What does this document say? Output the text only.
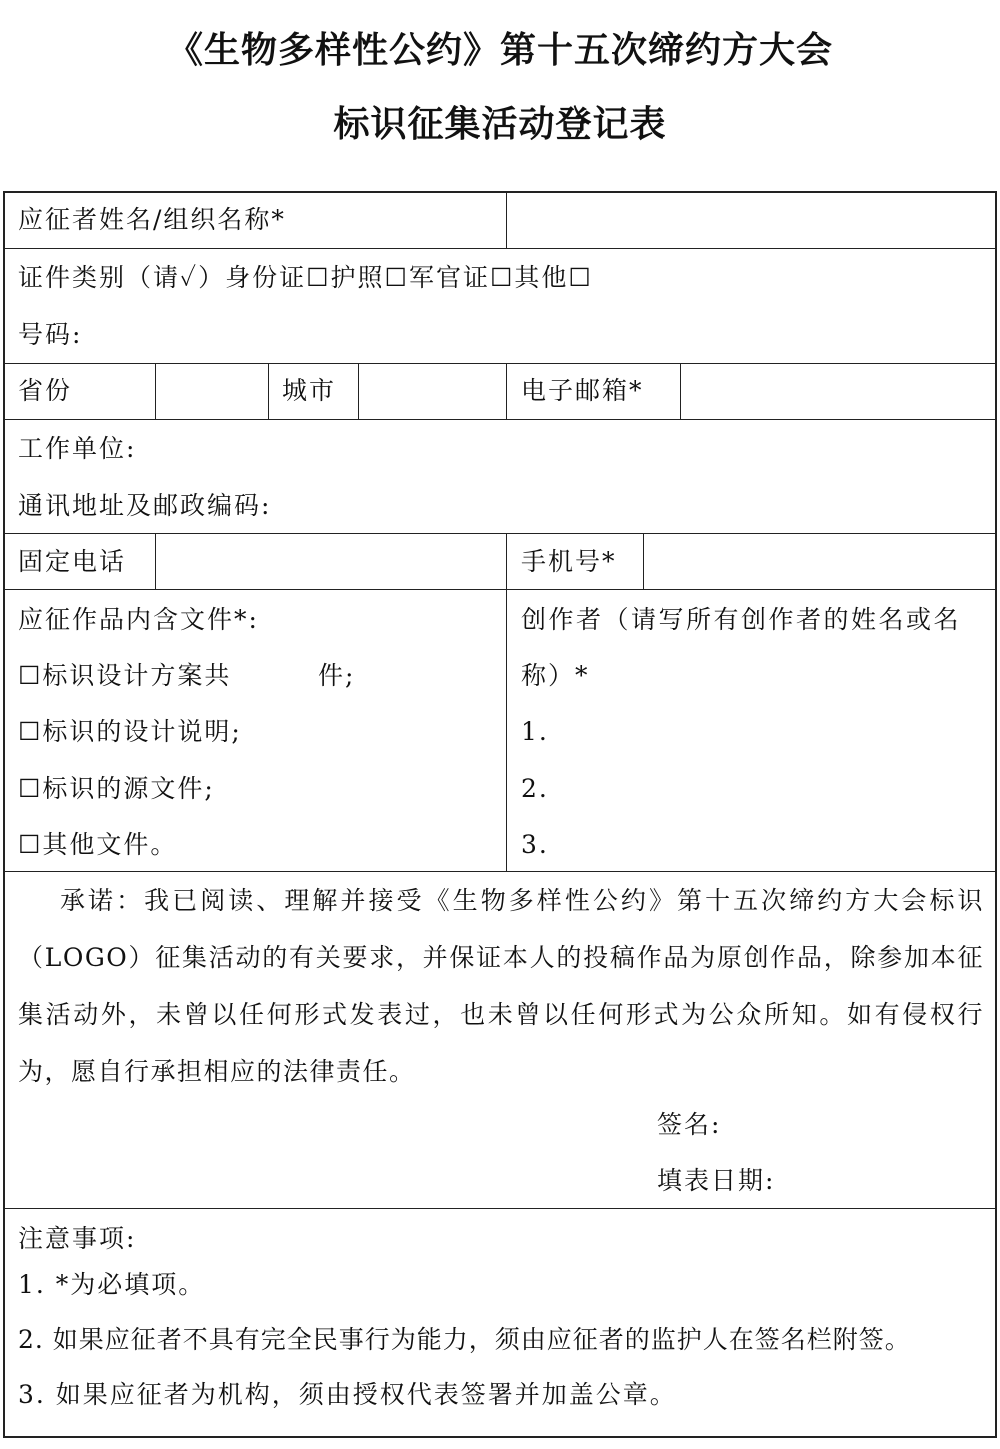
《生物多样性公约》第十五次缔约方大会
标识征集活动登记表
应征者姓名/组织名称*
证件类别（请✓）身份证☐护照☐军官证☐其他☐
号码:
省份	城市	电子邮箱*
工作单位:
通讯地址及邮政编码:
固定电话	手机号*
应征作品内含文件*:
☐标识设计方案共	件;
☐标识的设计说明;
☐标识的源文件;
☐其他文件。
创作者（请写所有创作者的姓名或名
称）*
1.
2.
3.

承诺：我已阅读、理解并接受《生物多样性公约》第十五次缔约方大会标识（LOGO）征集活动的有关要求，并保证本人的投稿作品为原创作品，除参加本征集活动外，未曾以任何形式发表过，也未曾以任何形式为公众所知。如有侵权行为，愿自行承担相应的法律责任。

签名:
填表日期:
注意事项:
1. *为必填项。
2. 如果应征者不具有完全民事行为能力，须由应征者的监护人在签名栏附签。
3. 如果应征者为机构，须由授权代表签署并加盖公章。
